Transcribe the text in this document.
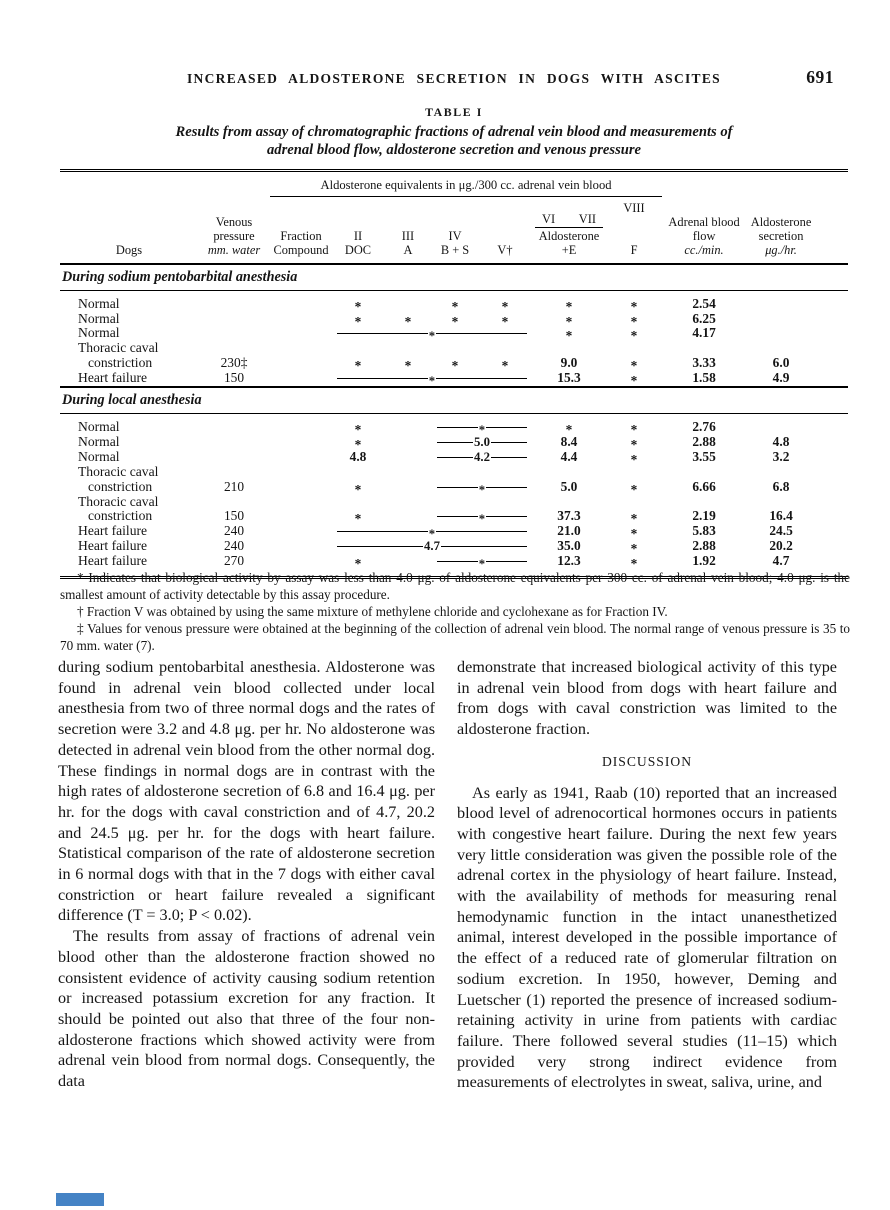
INCREASED ALDOSTERONE SECRETION IN DOGS WITH ASCITES	691
TABLE I
Results from assay of chromatographic fractions of adrenal vein blood and measurements of
adrenal blood flow, aldosterone secretion and venous pressure

		Aldosterone equivalents in μg./300 cc. adrenal vein blood									

Dogs	
Venous
pressure
mm. water

Fraction
Compound

II
DOC

III
A

IV
B + S	V†

VI VII
Aldosterone
+E

VIII
F

Adrenal blood
flow
cc./min.

Aldosterone
secretion
μg./hr.

During sodium pentobarbital anesthesia											

Normal			*		*	*	*	*	2.54		

Normal			*	*	*	*	*	*	6.25		

Normal			*				*	*	4.17		

Thoracic caval
constriction	230‡		*	*	*	*	9.0	*	3.33	6.0	

Heart failure	150		*				15.3	*	1.58	4.9	
During local anesthesia											

Normal			*		*		*	*	2.76		

Normal			*		5.0		8.4	*	2.88	4.8	

Normal			4.8		4.2		4.4	*	3.55	3.2	

Thoracic caval
constriction	210		*		*		5.0	*	6.66	6.8	

Thoracic caval
constriction	150		*		*		37.3	*	2.19	16.4	

Heart failure	240		*				21.0	*	5.83	24.5	

Heart failure	240		4.7				35.0	*	2.88	20.2	

Heart failure	270		*		*		12.3	*	1.92	4.7	

* Indicates that biological activity by assay was less than 4.0 μg. of aldosterone equivalents per 300 cc. of adrenal vein blood; 4.0 μg. is the smallest amount of activity detectable by this assay procedure.

† Fraction V was obtained by using the same mixture of methylene chloride and cyclohexane as for Fraction IV.

‡ Values for venous pressure were obtained at the beginning of the collection of adrenal vein blood. The normal range of venous pressure is 35 to 70 mm. water (7).

during sodium pentobarbital anesthesia. Aldosterone was found in adrenal vein blood collected under local anesthesia from two of three normal dogs and the rates of secretion were 3.2 and 4.8 μg. per hr. No aldosterone was detected in adrenal vein blood from the other normal dog. These findings in normal dogs are in contrast with the high rates of aldosterone secretion of 6.8 and 16.4 μg. per hr. for the dogs with caval constriction and of 4.7, 20.2 and 24.5 μg. per hr. for the dogs with heart failure. Statistical comparison of the rate of aldosterone secretion in 6 normal dogs with that in the 7 dogs with either caval constriction or heart failure revealed a significant difference (T = 3.0; P < 0.02).

The results from assay of fractions of adrenal vein blood other than the aldosterone fraction showed no consistent evidence of activity causing sodium retention or increased potassium excretion for any fraction. It should be pointed out also that three of the four non-aldosterone fractions which showed activity were from adrenal vein blood from normal dogs. Consequently, the data

demonstrate that increased biological activity of this type in adrenal vein blood from dogs with heart failure and from dogs with caval constriction was limited to the aldosterone fraction.

DISCUSSION

As early as 1941, Raab (10) reported that an increased blood level of adrenocortical hormones occurs in patients with congestive heart failure. During the next few years very little consideration was given the possible role of the adrenal cortex in the physiology of heart failure. Instead, with the availability of methods for measuring renal hemodynamic function in the intact unanesthetized animal, interest developed in the possible importance of the effect of a reduced rate of glomerular filtration on sodium excretion. In 1950, however, Deming and Luetscher (1) reported the presence of increased sodium-retaining activity in urine from patients with cardiac failure. There followed several studies (11–15) which provided very strong indirect evidence from measurements of electrolytes in sweat, saliva, urine, and
